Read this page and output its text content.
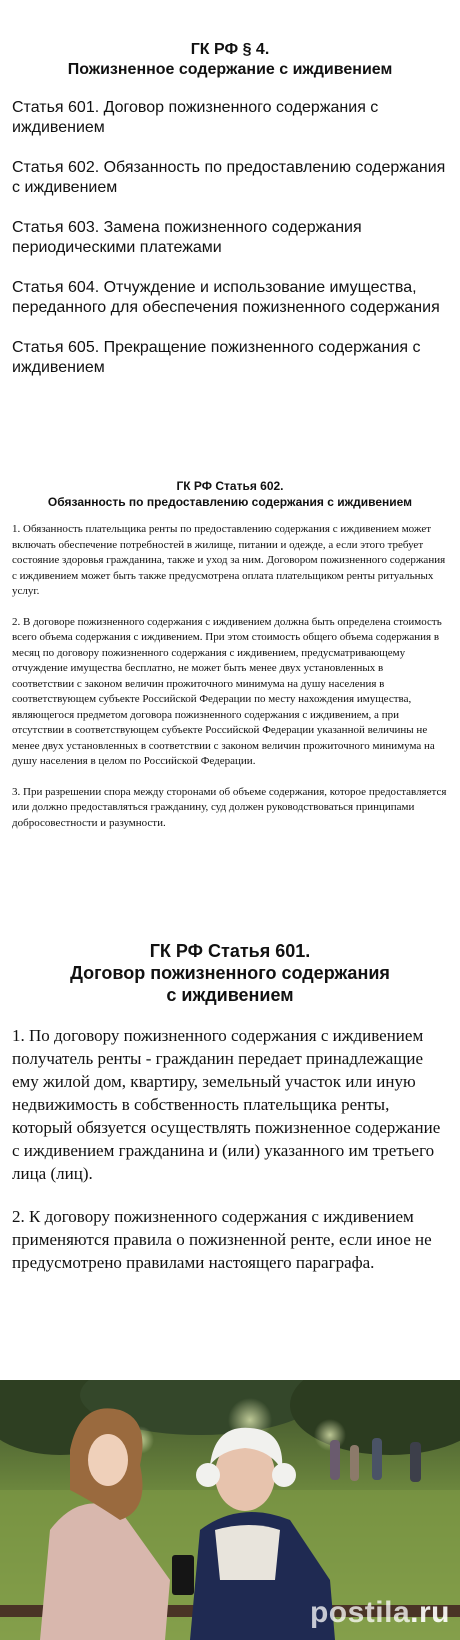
ГК РФ § 4.
Пожизненное содержание с иждивением
Статья 601. Договор пожизненного содержания с иждивением
Статья 602. Обязанность по предоставлению содержания с иждивением
Статья 603. Замена пожизненного содержания периодическими платежами
Статья 604. Отчуждение и использование имущества, переданного для обеспечения пожизненного содержания
Статья 605. Прекращение пожизненного содержания с иждивением
ГК РФ Статья 602.
Обязанность по предоставлению содержания с иждивением

1. Обязанность плательщика ренты по предоставлению содержания с иждивением может включать обеспечение потребностей в жилище, питании и одежде, а если этого требует состояние здоровья гражданина, также и уход за ним. Договором пожизненного содержания с иждивением может быть также предусмотрена оплата плательщиком ренты ритуальных услуг.

2. В договоре пожизненного содержания с иждивением должна быть определена стоимость всего объема содержания с иждивением. При этом стоимость общего объема содержания в месяц по договору пожизненного содержания с иждивением, предусматривающему отчуждение имущества бесплатно, не может быть менее двух установленных в соответствии с законом величин прожиточного минимума на душу населения в соответствующем субъекте Российской Федерации по месту нахождения имущества, являющегося предметом договора пожизненного содержания с иждивением, а при отсутствии в соответствующем субъекте Российской Федерации указанной величины не менее двух установленных в соответствии с законом величин прожиточного минимума на душу населения в целом по Российской Федерации.

3. При разрешении спора между сторонами об объеме содержания, которое предоставляется или должно предоставляться гражданину, суд должен руководствоваться принципами добросовестности и разумности.

ГК РФ Статья 601.
Договор пожизненного содержания
с иждивением

1. По договору пожизненного содержания с иждивением получатель ренты - гражданин передает принадлежащие ему жилой дом, квартиру, земельный участок или иную недвижимость в собственность плательщика ренты, который обязуется осуществлять пожизненное содержание с иждивением гражданина и (или) указанного им третьего лица (лиц).

2. К договору пожизненного содержания с иждивением применяются правила о пожизненной ренте, если иное не предусмотрено правилами настоящего параграфа.

postila.ru
